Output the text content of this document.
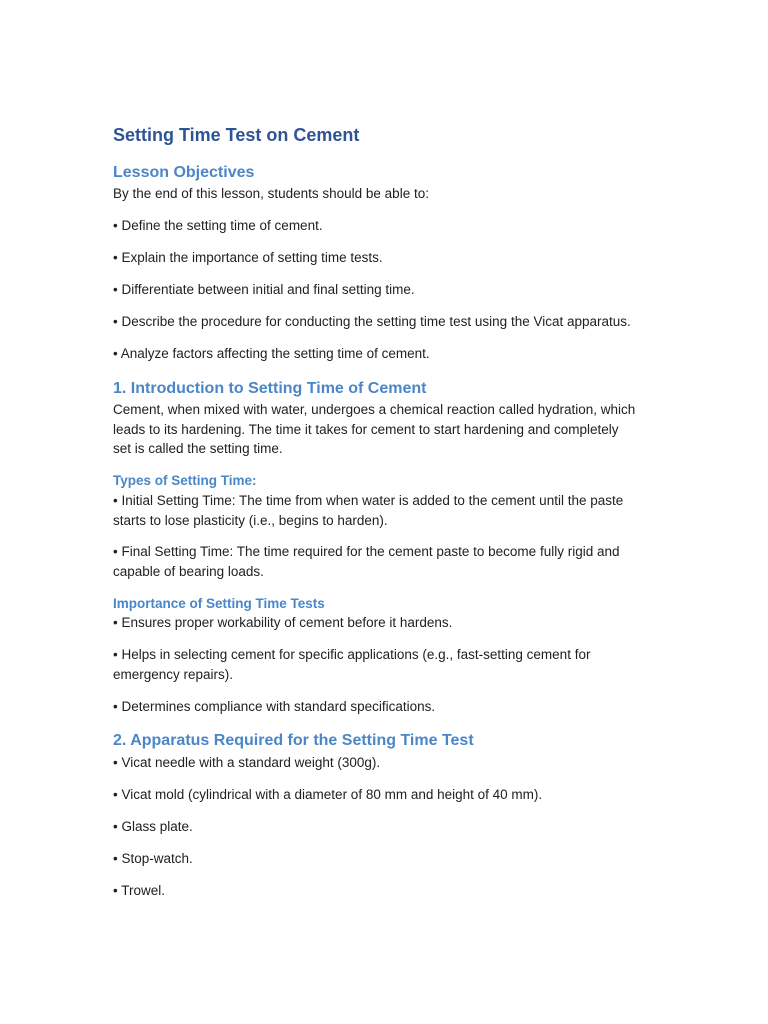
Setting Time Test on Cement
Lesson Objectives

By the end of this lesson, students should be able to:

• Define the setting time of cement.

• Explain the importance of setting time tests.

• Differentiate between initial and final setting time.

• Describe the procedure for conducting the setting time test using the Vicat apparatus.

• Analyze factors affecting the setting time of cement.

1. Introduction to Setting Time of Cement

Cement, when mixed with water, undergoes a chemical reaction called hydration, which

leads to its hardening. The time it takes for cement to start hardening and completely

set is called the setting time.

Types of Setting Time:

• Initial Setting Time: The time from when water is added to the cement until the paste

starts to lose plasticity (i.e., begins to harden).

• Final Setting Time: The time required for the cement paste to become fully rigid and

capable of bearing loads.

Importance of Setting Time Tests

• Ensures proper workability of cement before it hardens.

• Helps in selecting cement for specific applications (e.g., fast-setting cement for

emergency repairs).

• Determines compliance with standard specifications.

2. Apparatus Required for the Setting Time Test

• Vicat needle with a standard weight (300g).

• Vicat mold (cylindrical with a diameter of 80 mm and height of 40 mm).

• Glass plate.

• Stop-watch.

• Trowel.
